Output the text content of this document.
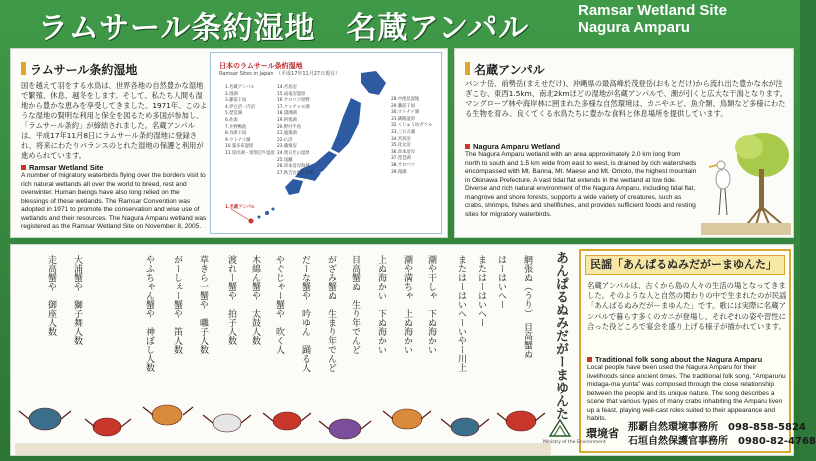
ラムサール条約湿地　名蔵アンパル
Ramsar Wetland Site
Nagura Amparu
ラムサール条約湿地
国を越えて羽をする水鳥は、世界各地の自然豊かな湿地で繁殖、休息、越冬をします。そして、私たち人間も湿地から豊かな恵みを享受してきました。1971年、このような湿地の賢明な利用と保全を図るため多国が参加し、「ラムサール条約」が締結されました。名蔵アンパルは、平成17年11月8日にラムサール条約湿地に登録され、将来にわたりバランスのとれた湿地の保護と利用が進められています。
Ramsar Wetland Site
A number of migratory waterbirds flying over the borders visit to rich natural wetlands all over the world to breed, rest and overwinter. Human beings have also long relied on the blessings of these wetlands. The Ramsar Convention was adopted in 1971 to promote the conservation and wise use of wetlands and their resources. The Nagura Amparu wetland was registered as the Ramsar Wetland Site on November 8, 2005.
日本のラムサール条約湿地
Ramsar Sites in Japan　 （平成17年11月27日現在）
1.名蔵アンパル
2.漫湖
3.藤前干潟
4.伊豆沼・内沼
5.琵琶湖
6.佐潟
7.片野鴨池
8.谷津干潟
9.ウトナイ湖
10.霧多布湿原
11.厚岸湖・別寒辺牛湿原
14.宮島沼
15.雨竜沼湿原
16.サロベツ原野
17.クッチャロ湖
18.濤沸湖
19.阿寒湖
20.野付半島
21.風蓮湖
22.仏沼
23.蕪栗沼
24.奥日光の湿原
25.尾瀬
26.串本沿岸海域
27.秋吉台地下水系
28.中池見湿地
29.藤前干潟
30.ウトナイ湖
31.釧路湿原
32.くじゅう坊ガツル
33.三方五湖
34.宮島沼
35.化女沼
36.串本沿岸
37.琵琶湖
38.サロベツ
39.漫湖
1.名蔵アンパル
名蔵アンパル
バンナ岳、前勢岳(まえせだけ)、沖縄県の最高峰於茂登岳(おもとだけ)から流れ出た豊かな水が注ぎこむ、東西1.5km、南北2kmほどの湿地が名蔵アンパルで、潮が引くと広大な干潟となります。マングローブ林や海岸林に囲まれた多様な自然環境は、カニやエビ、魚介類、鳥類など多様にわたる生物を育み、良くてくる水鳥たちに豊かな食料と休息場所を提供しています。
Nagura Amparu Wetland
The Nagura Amparu wetland with an area approximately 2.0 km long from north to south and 1.5 km wide from east to west, is drained by rich watersheds encompassed with Mt. Banna, Mt. Maese and Mt. Omoto, the highest mountain in Okinawa Prefecture. A vast tidal flat extends in the wetland at low tide. Diverse and rich natural environment of the Nagura Amparu, including tidal flat, mangrove and shore forests, supports a wide variety of creatures, such as crabs, shrimps, fishes and shellfishes, and provides sufficient foods and resting sites for migratory waterbirds.
あんぱるぬみだがーまゆんた
網張ぬ（うり）　目高蟹ぬ
はーはいへー
またはーはいへー
またはーはいへーいやー川上
潮や干しゃ　下ぬ海かい
潮や満ちゃ　上ぬ海かい
上ぬ海かい　下ぬ海かい
目高蟹ぬ　生り年でんど
がざみ蟹ぬ　生まり年でんど
だーな蟹や　吟ゆん　踊る人
やぐじゃー蟹や　吹く人
木綿ん蟹や　太鼓人数
渡れー蟹や　拍子人数
草きら一蟹や　囃子人数
がーしぇー蟹や　笛人数
やふちゃん蟹や　神ぼし人数
大浦蟹や　獅子舞人数
走高蟹や　御座人数	民謡「あんぱるぬみだがーまゆんた」
名蔵アンパルは、古くから島の人々の生活の場となってきました。そのような人と自然の関わりの中で生まれたのが民謡「あんぱるぬみだがーまゆんた」です。歌には実際に名蔵アンパルで暮らす多くのカニが登場し、それぞれの姿や習性に合った役どころで宴会を盛り上げる様子が描かれています。
Traditional folk song about the Nagura Amparu
Local people have been used the Nagura Amparu for their livelihoods since ancient times. The traditional folk song, "Amparunu midaga-ma yunta" was composed through the close relationship between the people and its unique nature. The song describes a scene that various types of many crabs inhabiting the Amparu liven up a feast, playing well-cast roles suited to their appearance and habits.
Ministry of the Environment
環境省 那覇自然環境事務所　 098-858-5824
石垣自然保護官事務所　 0980-82-4768
